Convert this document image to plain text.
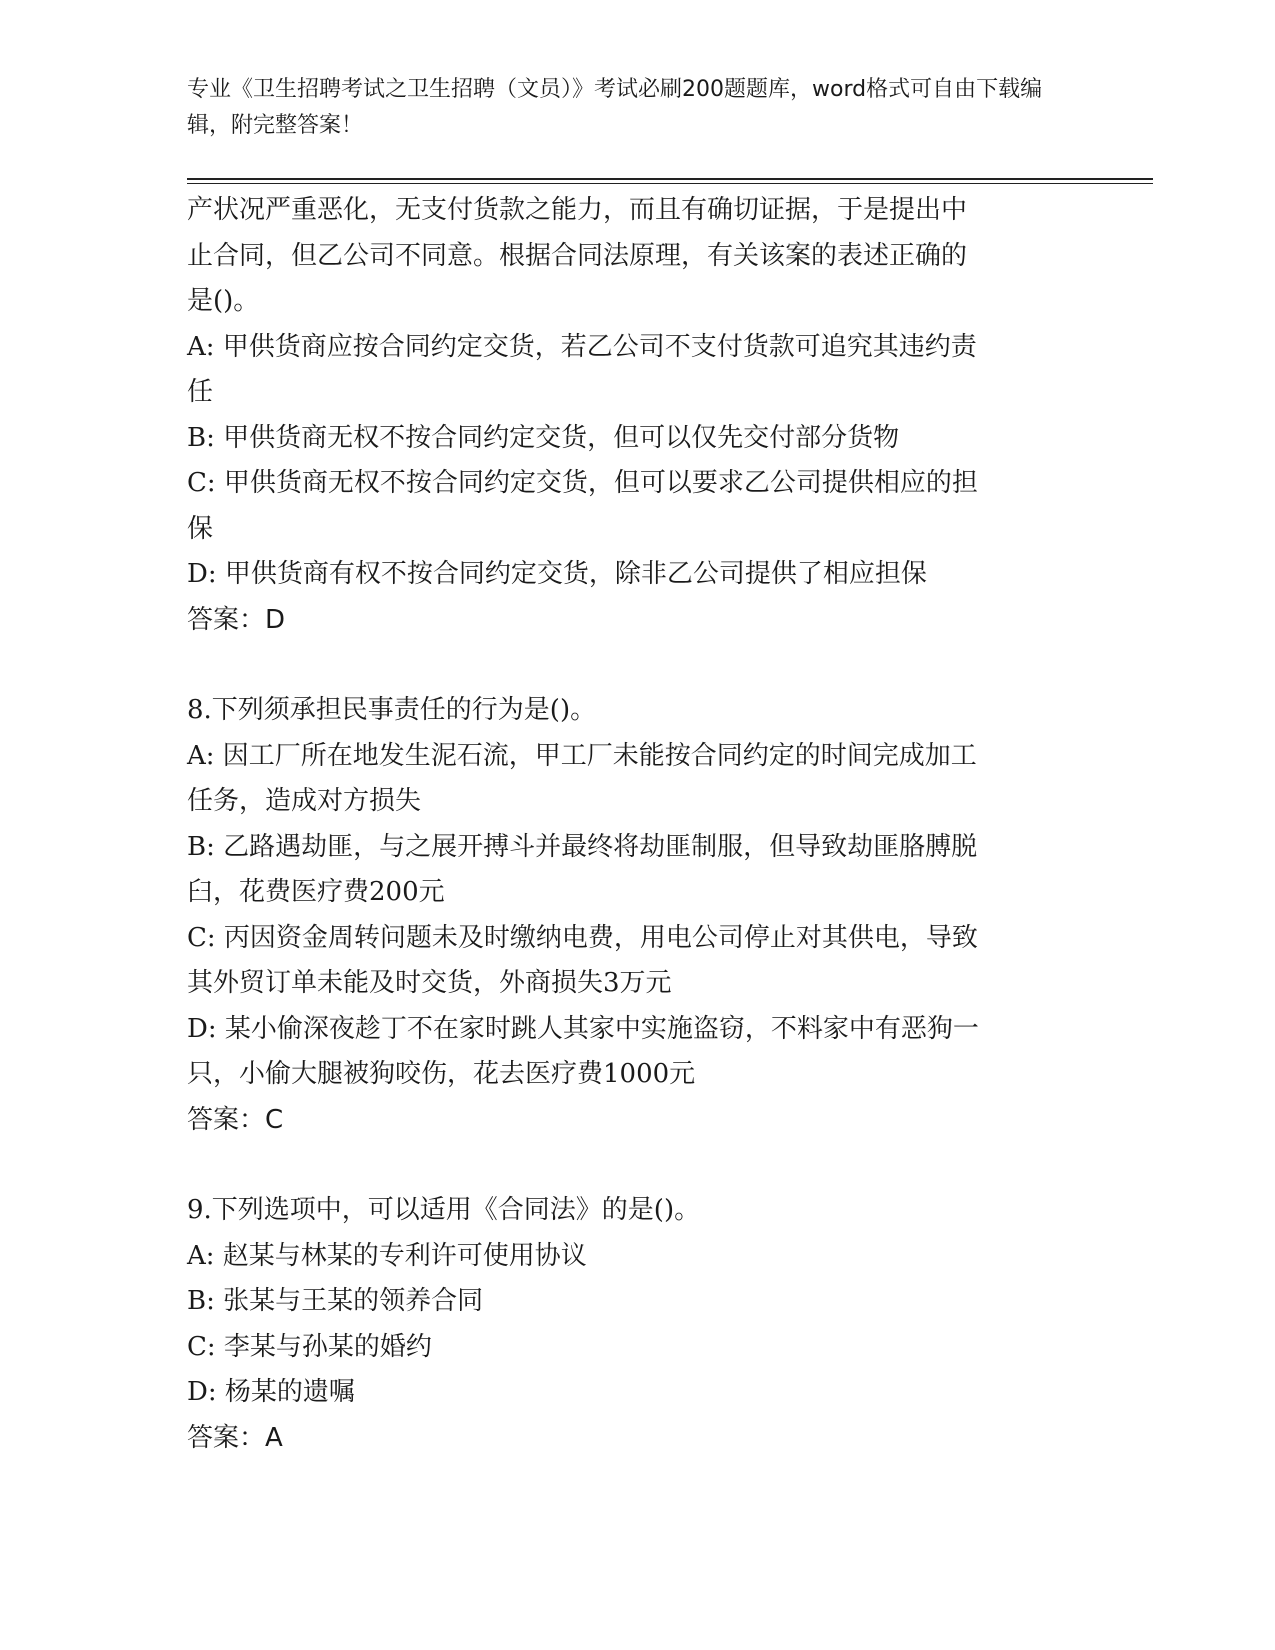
专业《卫生招聘考试之卫生招聘（文员）》考试必刷200题题库，word格式可自由下载编辑，附完整答案！

产状况严重恶化，无支付货款之能力，而且有确切证据，于是提出中

止合同，但乙公司不同意。根据合同法原理，有关该案的表述正确的

是()。

A: 甲供货商应按合同约定交货，若乙公司不支付货款可追究其违约责

任

B: 甲供货商无权不按合同约定交货，但可以仅先交付部分货物

C: 甲供货商无权不按合同约定交货，但可以要求乙公司提供相应的担

保

D: 甲供货商有权不按合同约定交货，除非乙公司提供了相应担保

答案：D

8.下列须承担民事责任的行为是()。

A: 因工厂所在地发生泥石流，甲工厂未能按合同约定的时间完成加工

任务，造成对方损失

B: 乙路遇劫匪，与之展开搏斗并最终将劫匪制服，但导致劫匪胳膊脱

臼，花费医疗费200元

C: 丙因资金周转问题未及时缴纳电费，用电公司停止对其供电，导致

其外贸订单未能及时交货，外商损失3万元

D: 某小偷深夜趁丁不在家时跳人其家中实施盗窃，不料家中有恶狗一

只，小偷大腿被狗咬伤，花去医疗费1000元

答案：C

9.下列选项中，可以适用《合同法》的是()。

A: 赵某与林某的专利许可使用协议

B: 张某与王某的领养合同

C: 李某与孙某的婚约

D: 杨某的遗嘱

答案：A
